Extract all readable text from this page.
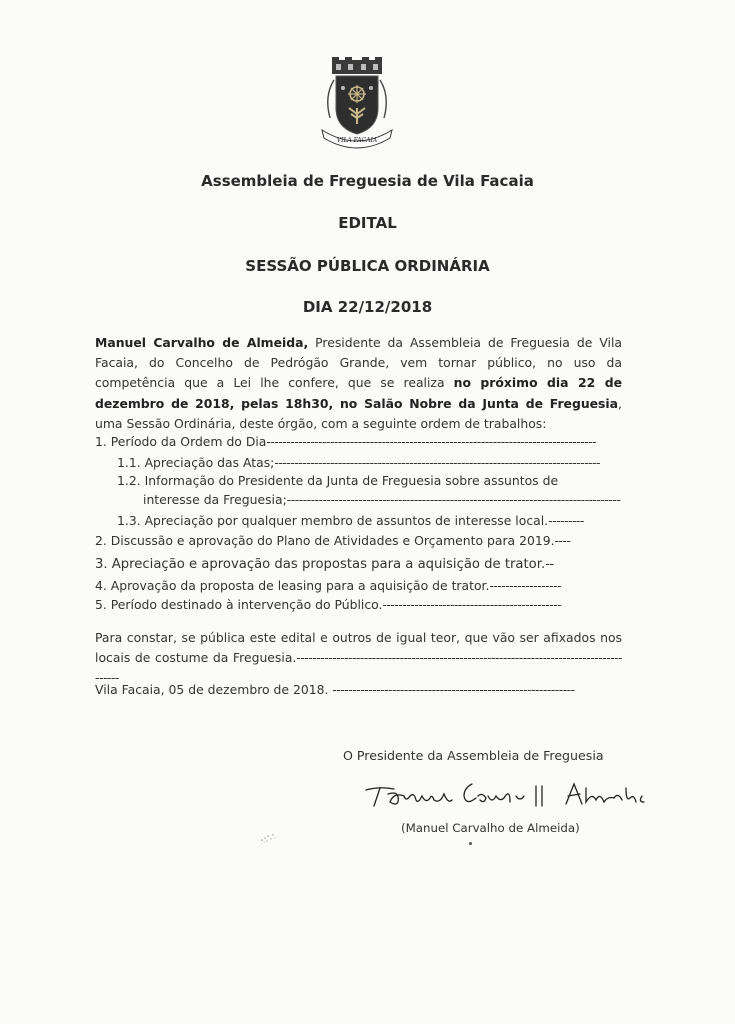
VILA FACAIA
Assembleia de Freguesia de Vila Facaia
EDITAL
SESSÃO PÚBLICA ORDINÁRIA
DIA 22/12/2018
Manuel Carvalho de Almeida, Presidente da Assembleia de Freguesia de Vila Facaia, do Concelho de Pedrógão Grande, vem tornar público, no uso da competência que a Lei lhe confere, que se realiza no próximo dia 22 de dezembro de 2018, pelas 18h30, no Salão Nobre da Junta de Freguesia, uma Sessão Ordinária, deste órgão, com a seguinte ordem de trabalhos:
1. Período da Ordem do Dia-----------------------------------------------------------------------------------
1.1. Apreciação das Atas;----------------------------------------------------------------------------------
1.2. Informação do Presidente da Junta de Freguesia sobre assuntos de
interesse da Freguesia;------------------------------------------------------------------------------------
1.3. Apreciação por qualquer membro de assuntos de interesse local.---------
2. Discussão e aprovação do Plano de Atividades e Orçamento para 2019.----
3. Apreciação e aprovação das propostas para a aquisição de trator.--
4. Aprovação da proposta de leasing para a aquisição de trator.------------------
5. Período destinado à intervenção do Público.---------------------------------------------
Para constar, se pública este edital e outros de igual teor, que vão ser afixados nos locais de costume da Freguesia.----------------------------------------------------------------------------------------
Vila Facaia, 05 de dezembro de 2018. -------------------------------------------------------------
O Presidente da Assembleia de Freguesia
(Manuel Carvalho de Almeida)
